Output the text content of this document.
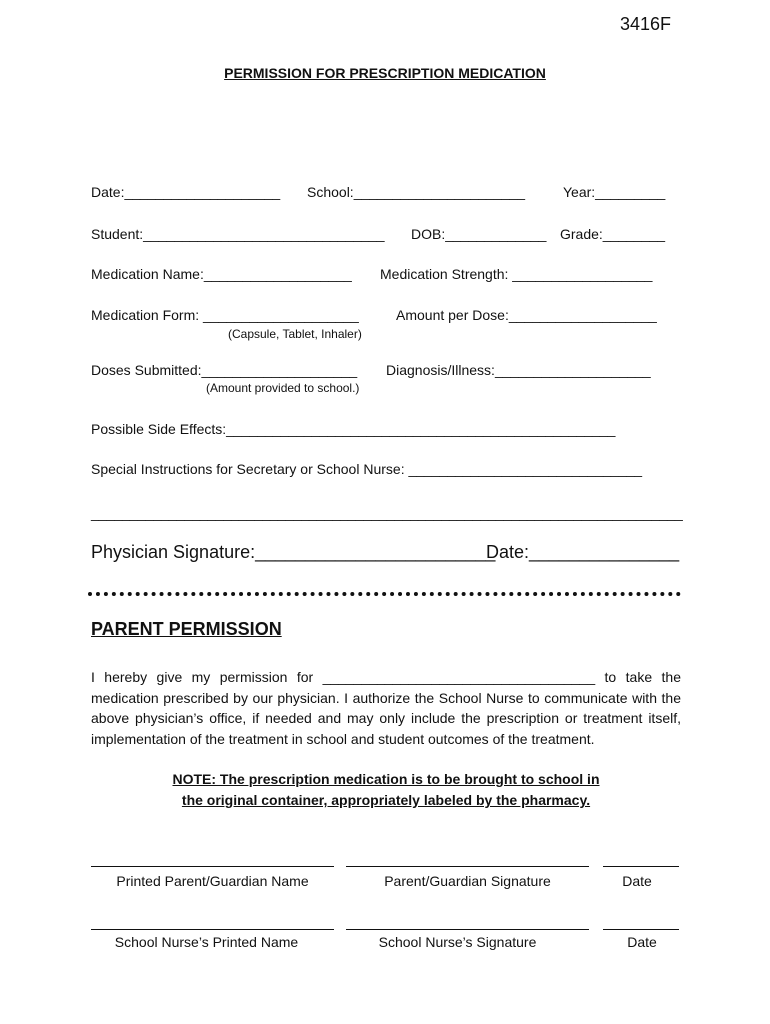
3416F
PERMISSION FOR PRESCRIPTION MEDICATION
Date:____________________ School:______________________	Year:_________
Student:_______________________________ DOB:_____________ Grade:________
Medication Name:___________________ Medication Strength: __________________
Medication Form: ____________________
(Capsule, Tablet, Inhaler)
Amount per Dose:___________________
Doses Submitted:____________________
(Amount provided to school.)
Diagnosis/Illness:____________________
Possible Side Effects:__________________________________________________
Special Instructions for Secretary or School Nurse: ______________________________
____________________________________________________________________________
Physician Signature:________________________
Date:_______________
PARENT PERMISSION
I hereby give my permission for ___________________________________ to take the medication prescribed by our physician. I authorize the School Nurse to communicate with the above physician’s office, if needed and may only include the prescription or treatment itself, implementation of the treatment in school and student outcomes of the treatment.
NOTE: The prescription medication is to be brought to school in
the original container, appropriately labeled by the pharmacy.
Printed Parent/Guardian Name	Parent/Guardian Signature	Date
School Nurse’s Printed Name	School Nurse’s Signature	Date
